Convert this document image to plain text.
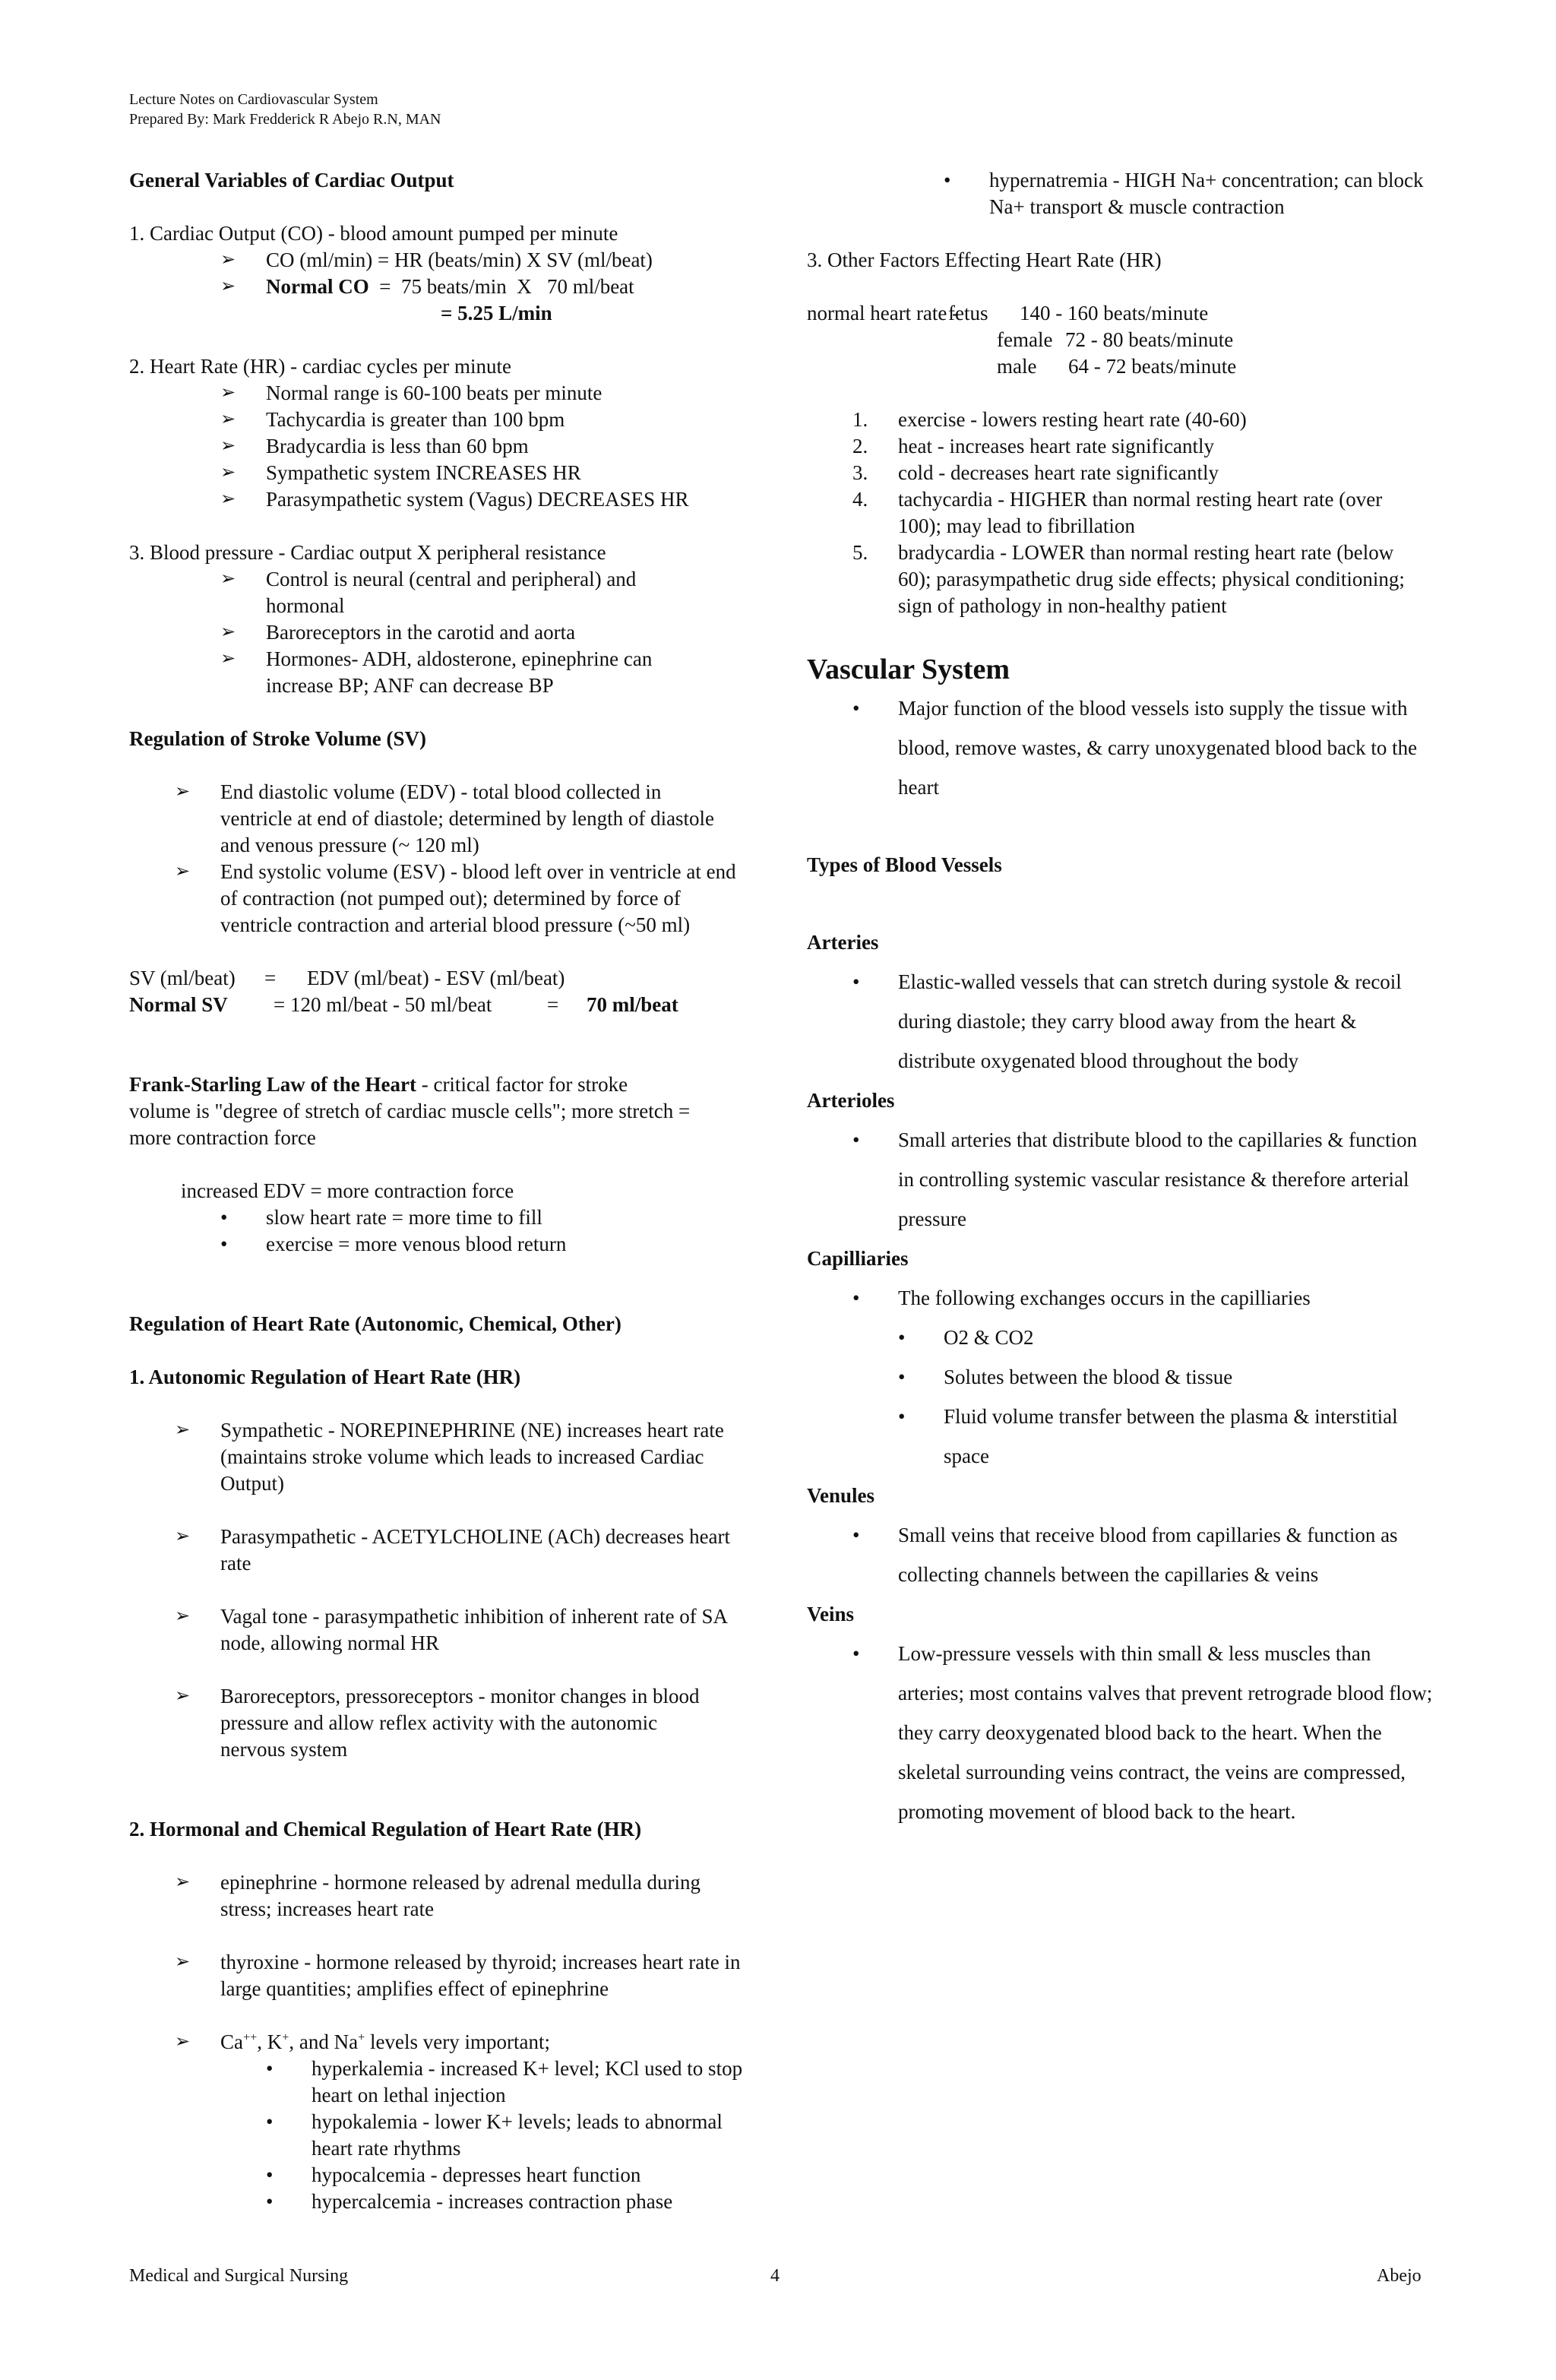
Lecture Notes on Cardiovascular System
Prepared By: Mark Fredderick R Abejo R.N, MAN

General Variables of Cardiac Output

1. Cardiac Output (CO) - blood amount pumped per minute

➢	CO (ml/min) = HR (beats/min) X SV (ml/beat)
➢	Normal CO  =  75 beats/min  X   70 ml/beat

= 5.25 L/min

2. Heart Rate (HR) - cardiac cycles per minute

➢	Normal range is 60-100 beats per minute
➢	Tachycardia is greater than 100 bpm
➢	Bradycardia is less than 60 bpm
➢	Sympathetic system INCREASES HR
➢	Parasympathetic system (Vagus) DECREASES HR

3. Blood pressure - Cardiac output X peripheral resistance

➢	Control is neural (central and peripheral) and hormonal
➢	Baroreceptors in the carotid and aorta
➢	Hormones- ADH, aldosterone, epinephrine can increase BP; ANF can decrease BP

Regulation of Stroke Volume (SV)

➢	End diastolic volume (EDV) - total blood collected in ventricle at end of diastole; determined by length of diastole and venous pressure (~ 120 ml)
➢	End systolic volume (ESV) - blood left over in ventricle at end of contraction (not pumped out); determined by force of ventricle contraction and arterial blood pressure (~50 ml)
SV (ml/beat) = EDV (ml/beat) - ESV (ml/beat)
Normal SV = 120 ml/beat - 50 ml/beat	= 70 ml/beat

Frank-Starling Law of the Heart - critical factor for stroke volume is "degree of stretch of cardiac muscle cells"; more stretch = more contraction force

increased EDV = more contraction force

•	slow heart rate = more time to fill
•	exercise = more venous blood return

Regulation of Heart Rate (Autonomic, Chemical, Other)

1. Autonomic Regulation of Heart Rate (HR)

➢	Sympathetic - NOREPINEPHRINE (NE) increases heart rate (maintains stroke volume which leads to increased Cardiac Output)
➢	Parasympathetic - ACETYLCHOLINE (ACh) decreases heart rate
➢	Vagal tone - parasympathetic inhibition of inherent rate of SA node, allowing normal HR
➢	Baroreceptors, pressoreceptors - monitor changes in blood pressure and allow reflex activity with the autonomic nervous system

2. Hormonal and Chemical Regulation of Heart Rate (HR)

➢	epinephrine - hormone released by adrenal medulla during stress; increases heart rate
➢	thyroxine - hormone released by thyroid; increases heart rate in large quantities; amplifies effect of epinephrine
➢	Ca++, K+, and Na+ levels very important;
•	hyperkalemia - increased K+ level; KCl used to stop heart on lethal injection
•	hypokalemia - lower K+ levels; leads to abnormal heart rate rhythms
•	hypocalcemia - depresses heart function
•	hypercalcemia - increases contraction phase
•	hypernatremia - HIGH Na+ concentration; can block Na+ transport & muscle contraction

3. Other Factors Effecting Heart Rate (HR)

normal heart rate -
fetus 140 - 160 beats/minute
female 72 - 80 beats/minute
male 64 - 72 beats/minute
1.	exercise - lowers resting heart rate (40-60)
2.	heat - increases heart rate significantly
3.	cold - decreases heart rate significantly
4.	tachycardia - HIGHER than normal resting heart rate (over 100); may lead to fibrillation
5.	bradycardia - LOWER than normal resting heart rate (below 60); parasympathetic drug side effects; physical conditioning; sign of pathology in non-healthy patient

Vascular System

•	Major function of the blood vessels isto supply the tissue with blood, remove wastes, & carry unoxygenated blood back to the heart

Types of Blood Vessels

Arteries

•	Elastic-walled vessels that can stretch during systole & recoil during diastole; they carry blood away from the heart & distribute oxygenated blood throughout the body

Arterioles

•	Small arteries that distribute blood to the capillaries & function in controlling systemic vascular resistance & therefore arterial pressure

Capilliaries

•	The following exchanges occurs in the capilliaries
•	O2 & CO2
•	Solutes between the blood & tissue
•	Fluid volume transfer between the plasma & interstitial space

Venules

•	Small veins that receive blood from capillaries & function as collecting channels between the capillaries & veins

Veins

•	Low-pressure vessels with thin small & less muscles than arteries; most contains valves that prevent retrograde blood flow; they carry deoxygenated blood back to the heart. When the skeletal surrounding veins contract, the veins are compressed, promoting movement of blood back to the heart.
Medical and Surgical Nursing	4	Abejo
